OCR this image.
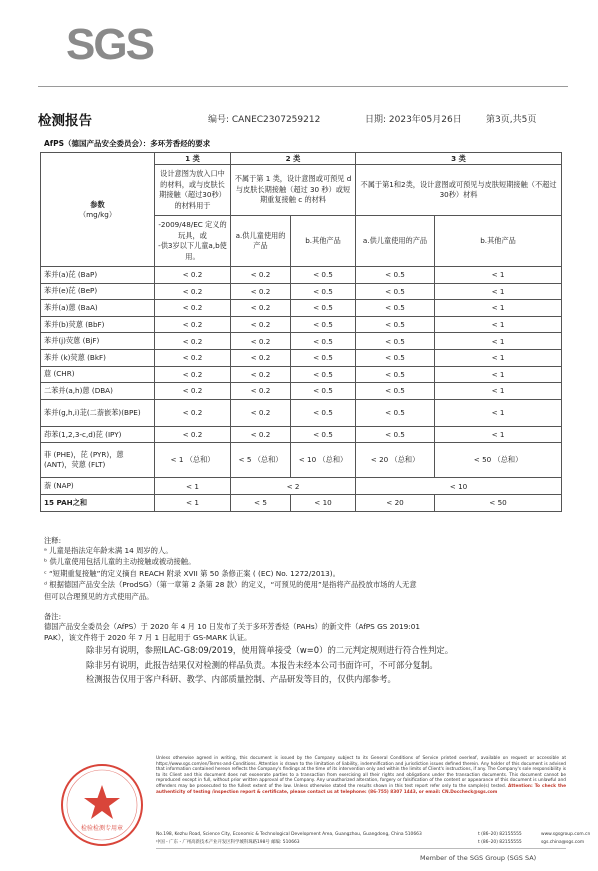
SGS
检测报告	编号: CANEC2307259212	日期: 2023年05月26日	第3页,共5页
AfPS（德国产品安全委员会）：多环芳香烃的要求
参数
（mg/kg）	1 类	2 类		3 类	
	设计意图为放入口中的材料，或与皮肤长期接触（超过30秒）的材料用于	不属于第 1 类，设计意图或可预见 d 与皮肤长期接触（超过 30 秒）或短期重复接触 c 的材料		不属于第1和2类，设计意图或可预见与皮肤短期接触（不超过30秒）材料	

	-2009/48/EC 定义的玩具，或
-供3岁以下儿童a,b使用。	a.供儿童使用的产品	b.其他产品	a.供儿童使用的产品	b.其他产品
苯并(a)芘 (BaP)	< 0.2	< 0.2	< 0.5	< 0.5	< 1
苯并(e)芘 (BeP)	< 0.2	< 0.2	< 0.5	< 0.5	< 1
苯并(a)蒽 (BaA)	< 0.2	< 0.2	< 0.5	< 0.5	< 1
苯并(b)荧蒽 (BbF)	< 0.2	< 0.2	< 0.5	< 0.5	< 1
苯并(j)荧蒽 (BjF)	< 0.2	< 0.2	< 0.5	< 0.5	< 1
苯并 (k)荧蒽 (BkF)	< 0.2	< 0.2	< 0.5	< 0.5	< 1
䓛 (CHR)	< 0.2	< 0.2	< 0.5	< 0.5	< 1
二苯并(a,h)蒽 (DBA)	< 0.2	< 0.2	< 0.5	< 0.5	< 1
苯并(g,h,i)苝(二萘嵌苯)(BPE)	< 0.2	< 0.2	< 0.5	< 0.5	< 1
茚苯(1,2,3-c,d)芘 (IPY)	< 0.2	< 0.2	< 0.5	< 0.5	< 1
菲 (PHE)，芘 (PYR)，蒽 (ANT)，荧蒽 (FLT)	< 1 （总和）	< 5 （总和）	< 10 （总和）	< 20 （总和）	< 50 （总和）
萘 (NAP)	< 1	< 2		< 10	
15 PAH之和	< 1	< 5	< 10	< 20	< 50
注释:
ᵃ 儿童是指法定年龄未满 14 周岁的人。
ᵇ 供儿童使用包括儿童的主动接触或被动接触。
ᶜ “短期重复接触”的定义摘自 REACH 附录 XVII 第 50 条修正案 ( (EC) No. 1272/2013)。
ᵈ 根据德国产品安全法（ProdSG）（第一章第 2 条第 28 款）的定义，“可预见的使用”是指将产品投放市场的人无意
但可以合理预见的方式使用产品。
备注:
德国产品安全委员会（AfPS）于 2020 年 4 月 10 日发布了关于多环芳香烃（PAHs）的新文件（AfPS GS 2019:01
PAK），该文件将于 2020 年 7 月 1 日起用于 GS-MARK 认证。
除非另有说明，参照ILAC-G8:09/2019，使用简单接受（w=0）的二元判定规则进行符合性判定。
除非另有说明，此报告结果仅对检测的样品负责。本报告未经本公司书面许可，不可部分复制。
检测报告仅用于客户科研、教学、内部质量控制、产品研发等目的，仅供内部参考。
检验检测专用章
Unless otherwise agreed in writing, this document is issued by the Company subject to its General Conditions of Service printed overleaf, available on request or accessible at https://www.sgs.com/en/Terms-and-Conditions. Attention is drawn to the limitation of liability, indemnification and jurisdiction issues defined therein. Any holder of this document is advised that information contained hereon reflects the Company's findings at the time of its intervention only and within the limits of Client's instructions, if any. The Company's sole responsibility is to its Client and this document does not exonerate parties to a transaction from exercising all their rights and obligations under the transaction documents. This document cannot be reproduced except in full, without prior written approval of the Company. Any unauthorized alteration, forgery or falsification of the content or appearance of this document is unlawful and offenders may be prosecuted to the fullest extent of the law. Unless otherwise stated the results shown in this test report refer only to the sample(s) tested. Attention: To check the authenticity of testing /inspection report & certificate, please contact us at telephone: (86-755) 8307 1443, or email: CN.Doccheck@sgs.com
No.198, Kezhu Road, Science City, Economic & Technological Development Area, Guangzhou, Guangdong, China 510663	t (86–20) 82155555	www.sgsgroup.com.cn
中国・广东・广州高新技术产业开发区科学城科珠路198号 邮编: 510663	t (86–20) 82155555	sgs.china@sgs.com
Member of the SGS Group (SGS SA)
